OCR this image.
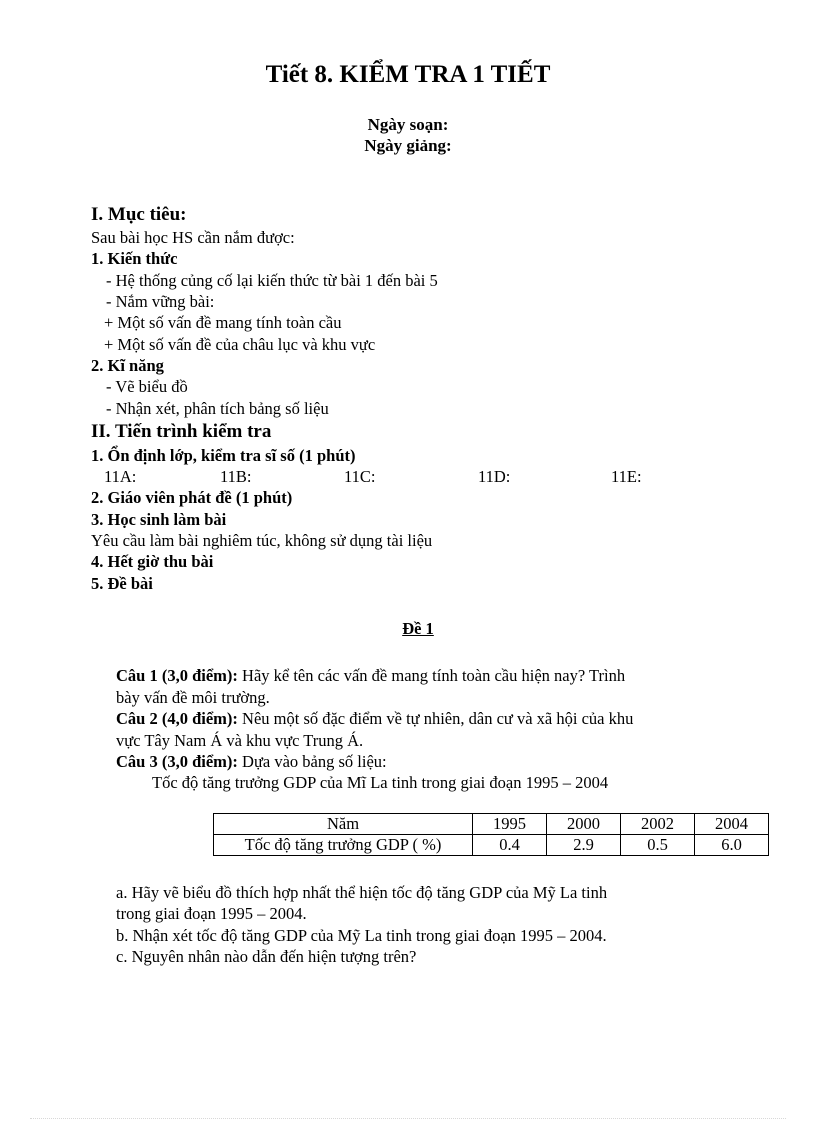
Tiết 8. KIỂM TRA 1 TIẾT
Ngày soạn:
Ngày giảng:
I. Mục tiêu:
Sau bài học HS cần nắm được:
1. Kiến thức
- Hệ thống củng cố lại kiến thức từ bài 1 đến bài 5
- Nắm vững bài:
+ Một số vấn đề mang tính toàn cầu
+ Một số vấn đề của châu lục và khu vực
2. Kĩ năng
- Vẽ biểu đồ
- Nhận xét, phân tích bảng số liệu
II. Tiến trình kiểm tra
1. Ổn định lớp, kiểm tra sĩ số (1 phút)
11A:	11B:	11C:	11D:	11E:
2. Giáo viên phát đề (1 phút)
3. Học sinh làm bài
Yêu cầu làm bài nghiêm túc, không sử dụng tài liệu
4. Hết giờ thu bài
5. Đề bài
Đề 1
Câu 1 (3,0 điểm): Hãy kể tên các vấn đề mang tính toàn cầu hiện nay? Trình
bày vấn đề môi trường.
Câu 2 (4,0 điểm): Nêu một số đặc điểm về tự nhiên, dân cư và xã hội của khu
vực Tây Nam Á và khu vực Trung Á.
Câu 3 (3,0 điểm): Dựa vào bảng số liệu:
Tốc độ tăng trưởng GDP của Mĩ La tinh trong giai đoạn 1995 – 2004
Năm	1995	2000	2002	2004
Tốc độ tăng trưởng GDP ( %)	0.4	2.9	0.5	6.0
a. Hãy vẽ biểu đồ thích hợp nhất thể hiện tốc độ tăng GDP của Mỹ La tinh
trong giai đoạn 1995 – 2004.
b. Nhận xét tốc độ tăng GDP của Mỹ La tinh trong giai đoạn 1995 – 2004.
c. Nguyên nhân nào dẫn đến hiện tượng trên?
